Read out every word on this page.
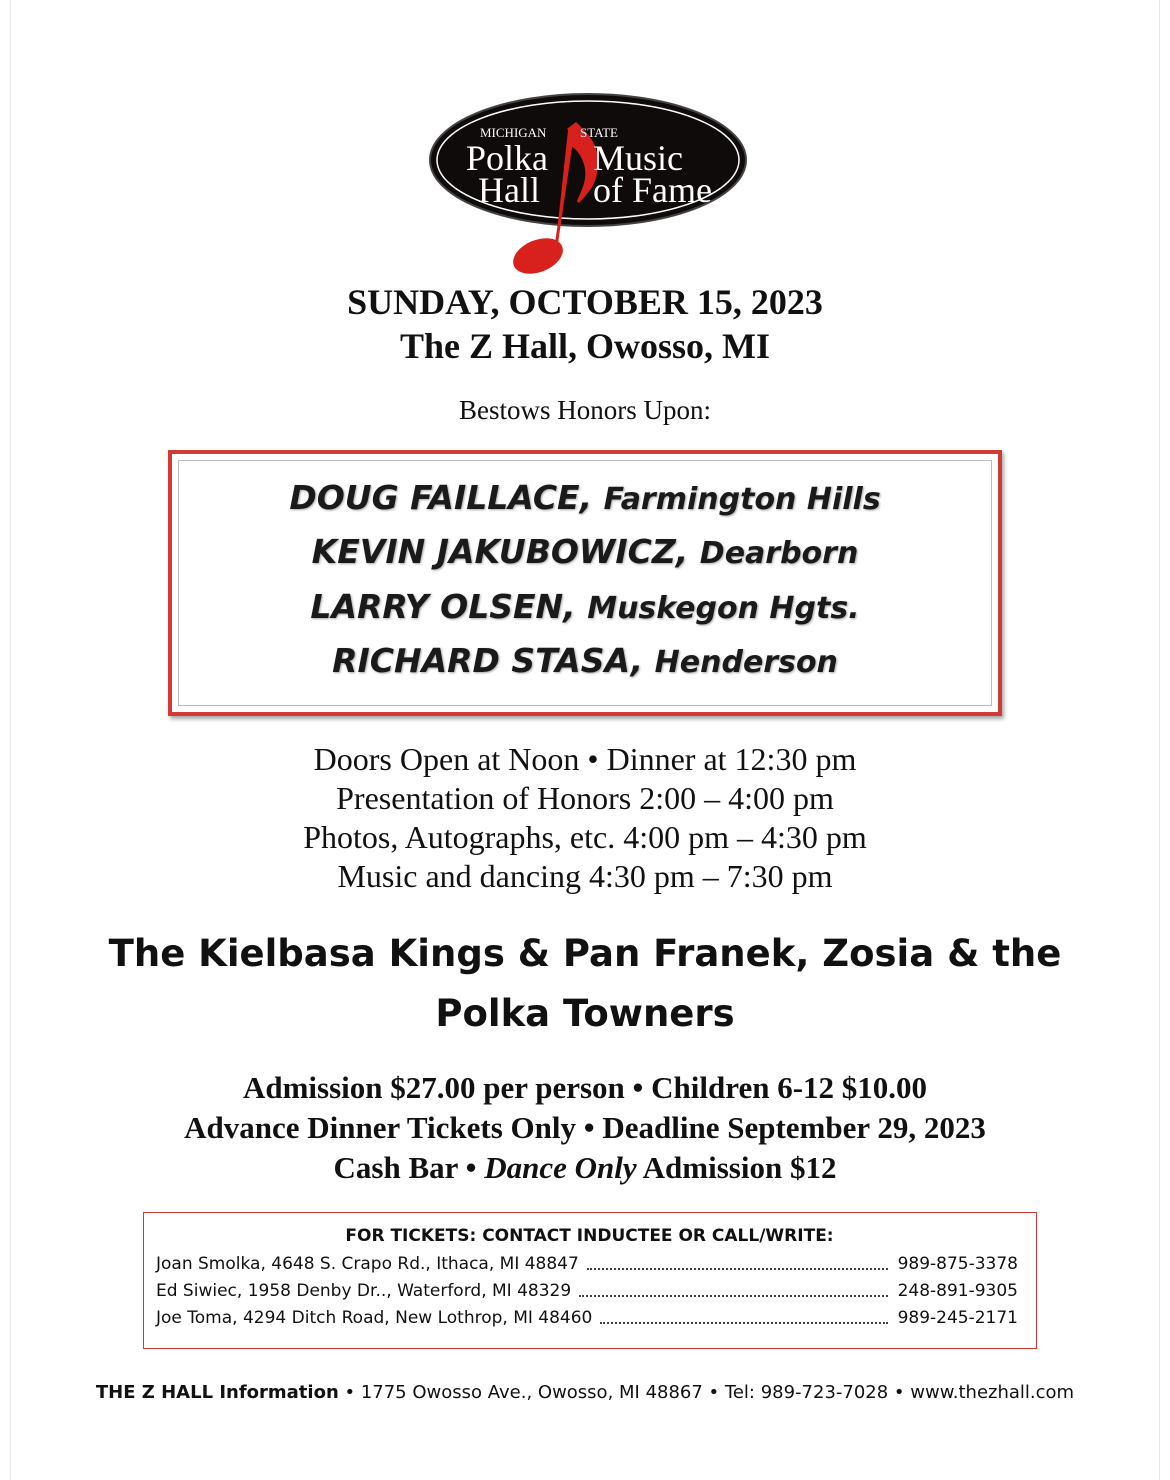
MICHIGAN	STATE
Polka Music
Hall of Fame
SUNDAY, OCTOBER 15, 2023
The Z Hall, Owosso, MI
Bestows Honors Upon:
DOUG FAILLACE, Farmington Hills
KEVIN JAKUBOWICZ, Dearborn
LARRY OLSEN, Muskegon Hgts.
RICHARD STASA, Henderson
Doors Open at Noon • Dinner at 12:30 pm
Presentation of Honors 2:00 – 4:00 pm
Photos, Autographs, etc. 4:00 pm – 4:30 pm
Music and dancing 4:30 pm – 7:30 pm
The Kielbasa Kings & Pan Franek, Zosia & the
Polka Towners
Admission $27.00 per person • Children 6-12 $10.00
Advance Dinner Tickets Only • Deadline September 29, 2023
Cash Bar • Dance Only Admission $12
FOR TICKETS: CONTACT INDUCTEE OR CALL/WRITE:
Joan Smolka, 4648 S. Crapo Rd., Ithaca, MI 48847	989-875-3378
Ed Siwiec, 1958 Denby Dr.., Waterford, MI 48329	248-891-9305
Joe Toma, 4294 Ditch Road, New Lothrop, MI 48460	989-245-2171
THE Z HALL Information • 1775 Owosso Ave., Owosso, MI 48867 • Tel: 989-723-7028 • www.thezhall.com
